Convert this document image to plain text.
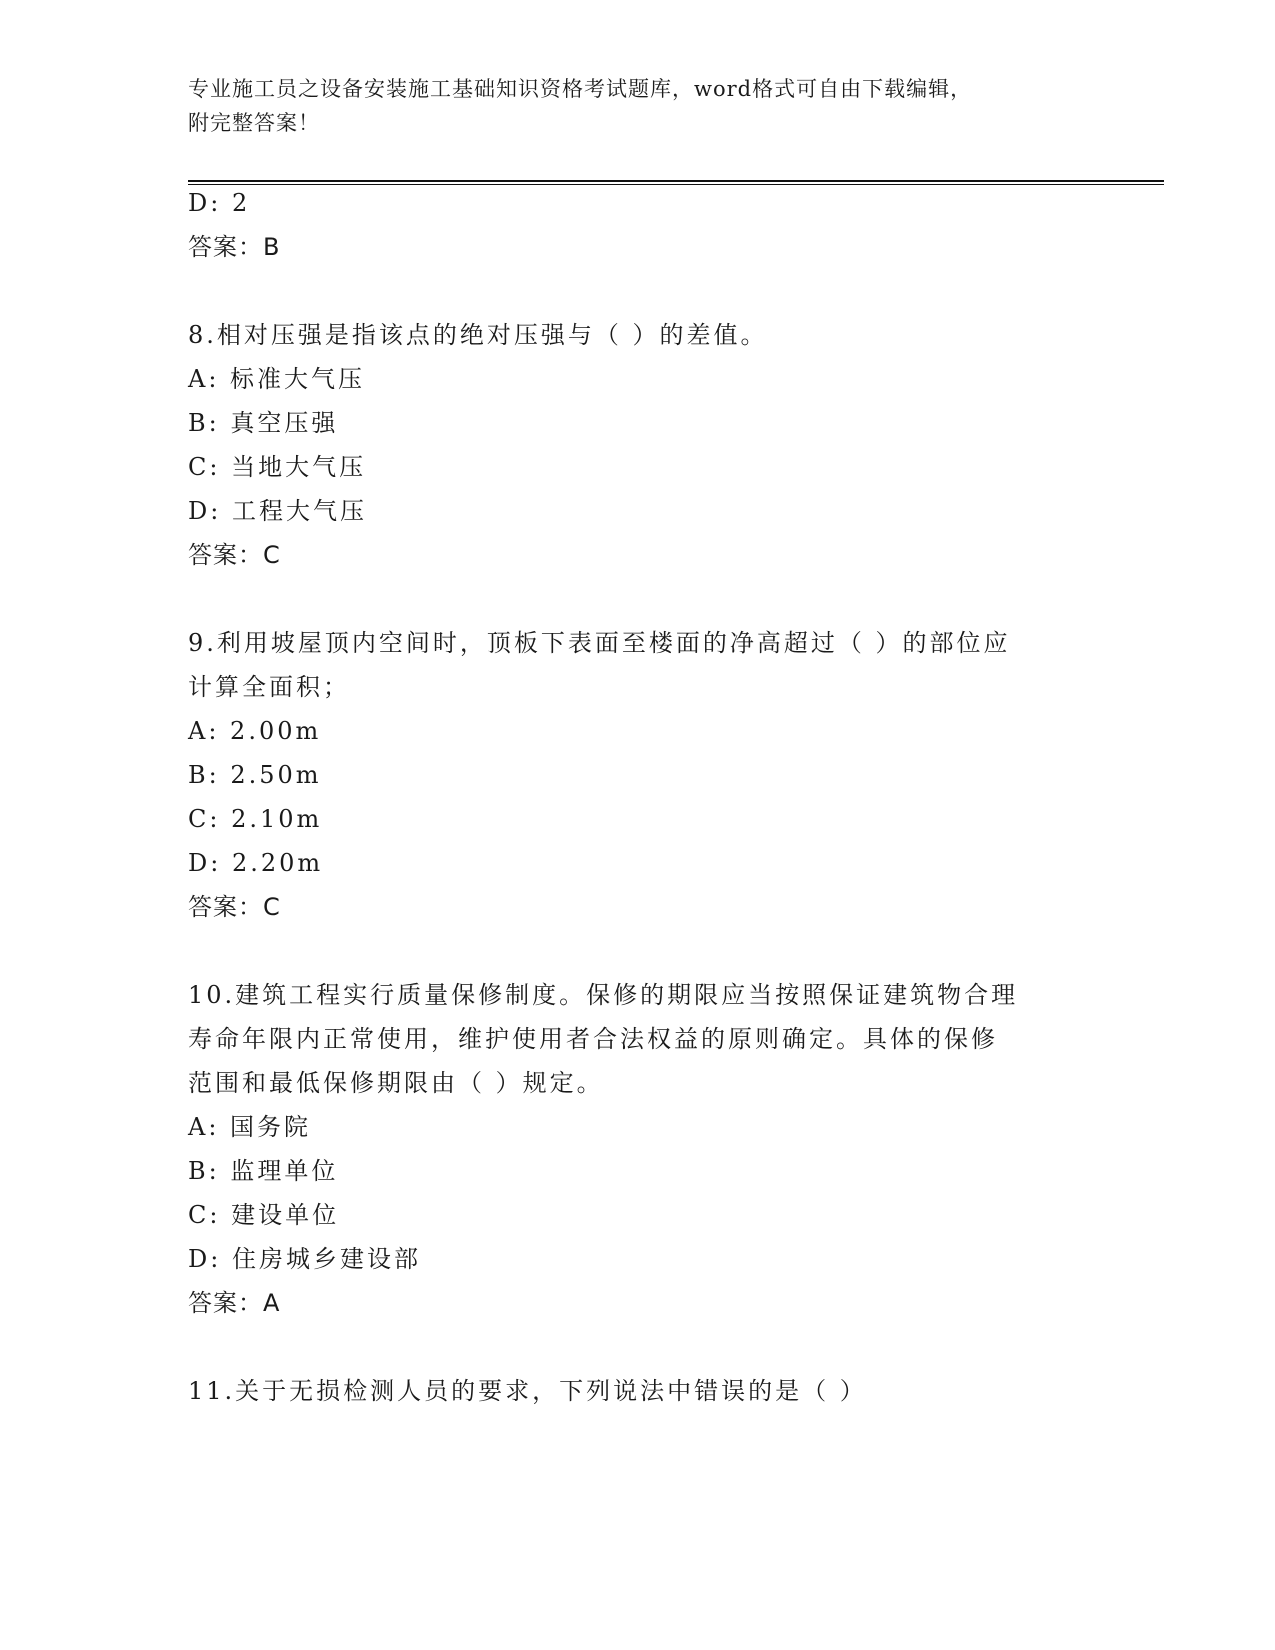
专业施工员之设备安装施工基础知识资格考试题库，word格式可自由下载编辑，
附完整答案！
D: 2
答案：B
8.相对压强是指该点的绝对压强与（ ）的差值。
A: 标准大气压
B: 真空压强
C: 当地大气压
D: 工程大气压
答案：C
9.利用坡屋顶内空间时，顶板下表面至楼面的净高超过（ ）的部位应
计算全面积；
A: 2.00m
B: 2.50m
C: 2.10m
D: 2.20m
答案：C
10.建筑工程实行质量保修制度。保修的期限应当按照保证建筑物合理
寿命年限内正常使用，维护使用者合法权益的原则确定。具体的保修
范围和最低保修期限由（ ）规定。
A: 国务院
B: 监理单位
C: 建设单位
D: 住房城乡建设部
答案：A
11.关于无损检测人员的要求，下列说法中错误的是（ ）
